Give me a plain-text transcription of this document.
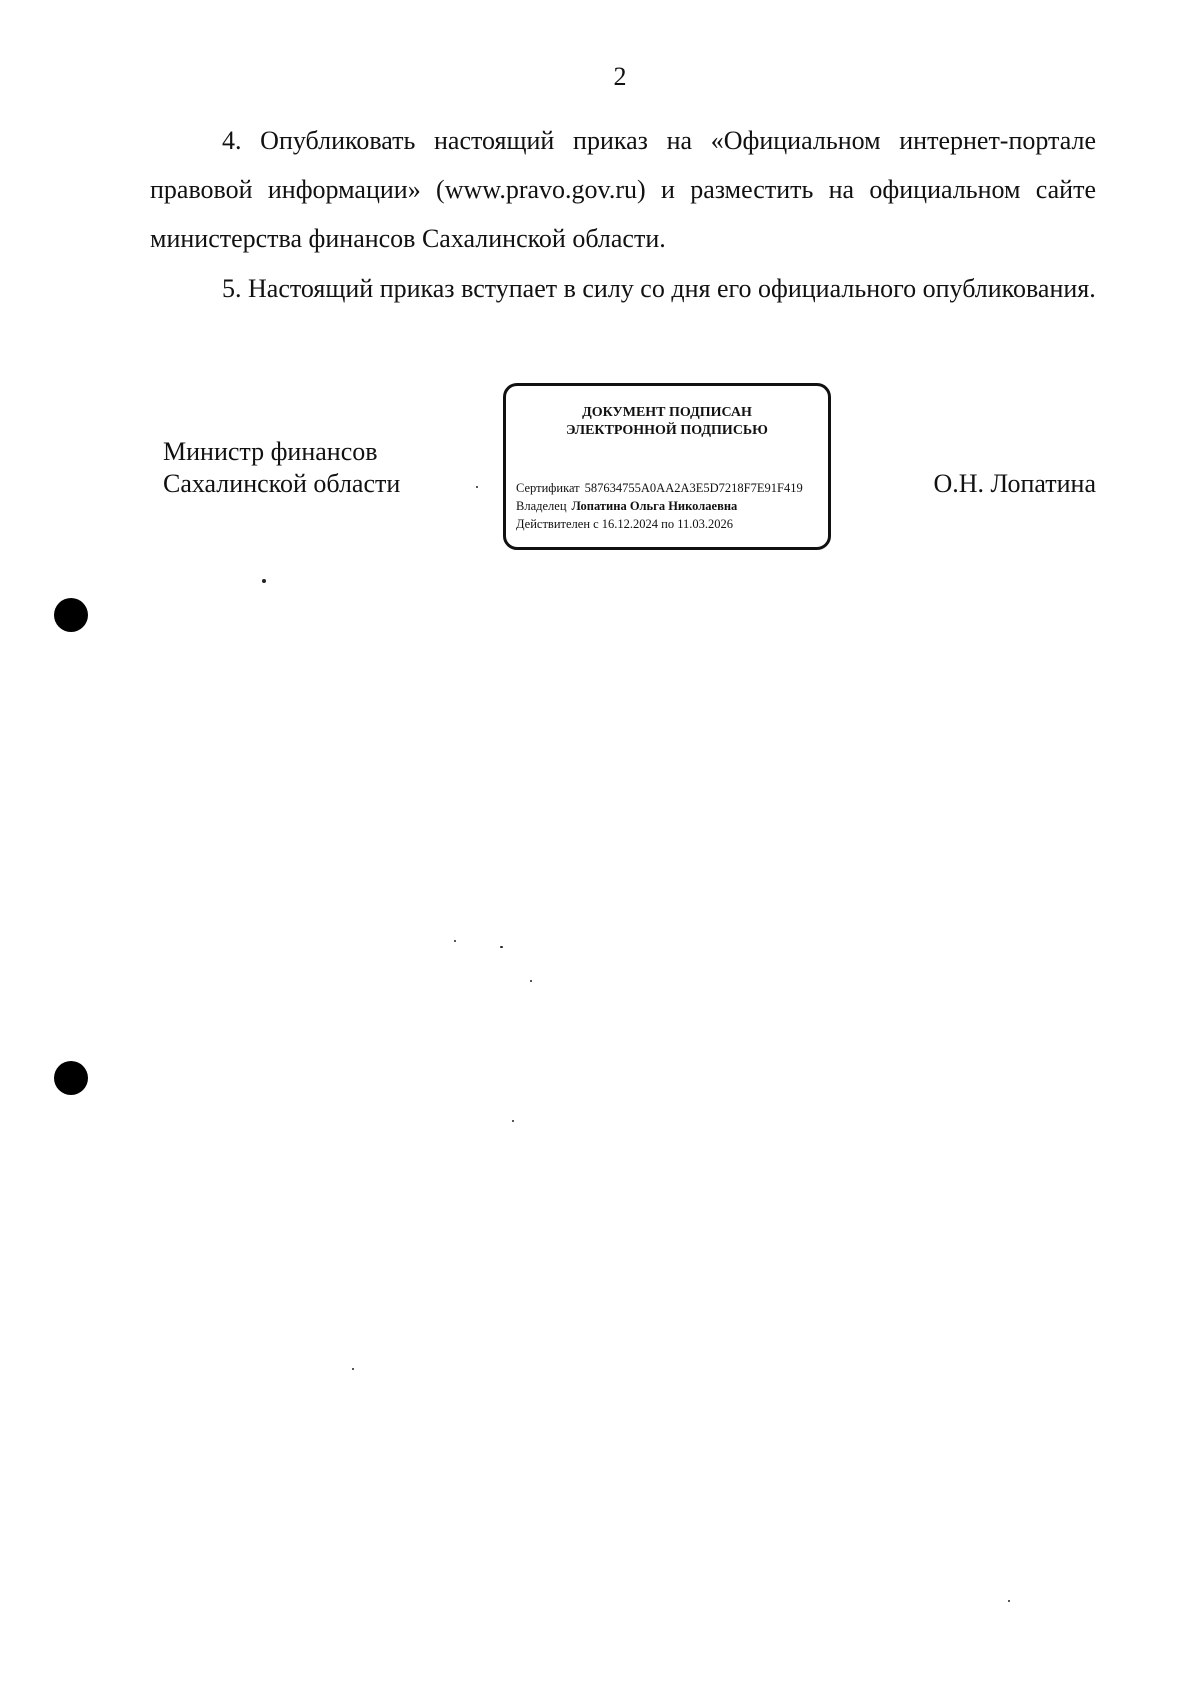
2

4. Опубликовать настоящий приказ на «Официальном интернет-портале правовой информации» (www.pravo.gov.ru) и разместить на официальном сайте министерства финансов Сахалинской области.

5. Настоящий приказ вступает в силу со дня его официального опубликования.

Министр финансов
Сахалинской области
ДОКУМЕНТ ПОДПИСАН
ЭЛЕКТРОННОЙ ПОДПИСЬЮ
Сертификат 587634755A0AA2A3E5D7218F7E91F419
Владелец Лопатина Ольга Николаевна
Действителен с 16.12.2024 по 11.03.2026
О.Н. Лопатина
